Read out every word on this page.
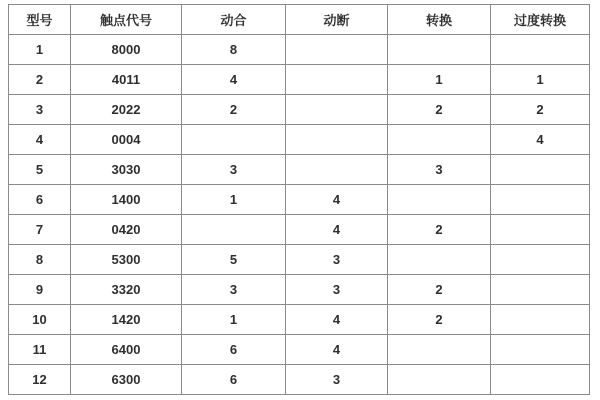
型号	触点代号	动合	动断	转换	过度转换
1	8000	8			
2	4011	4		1	1
3	2022	2		2	2
4	0004				4
5	3030	3		3	
6	1400	1	4		
7	0420		4	2	
8	5300	5	3		
9	3320	3	3	2	
10	1420	1	4	2	
11	6400	6	4		
12	6300	6	3		
